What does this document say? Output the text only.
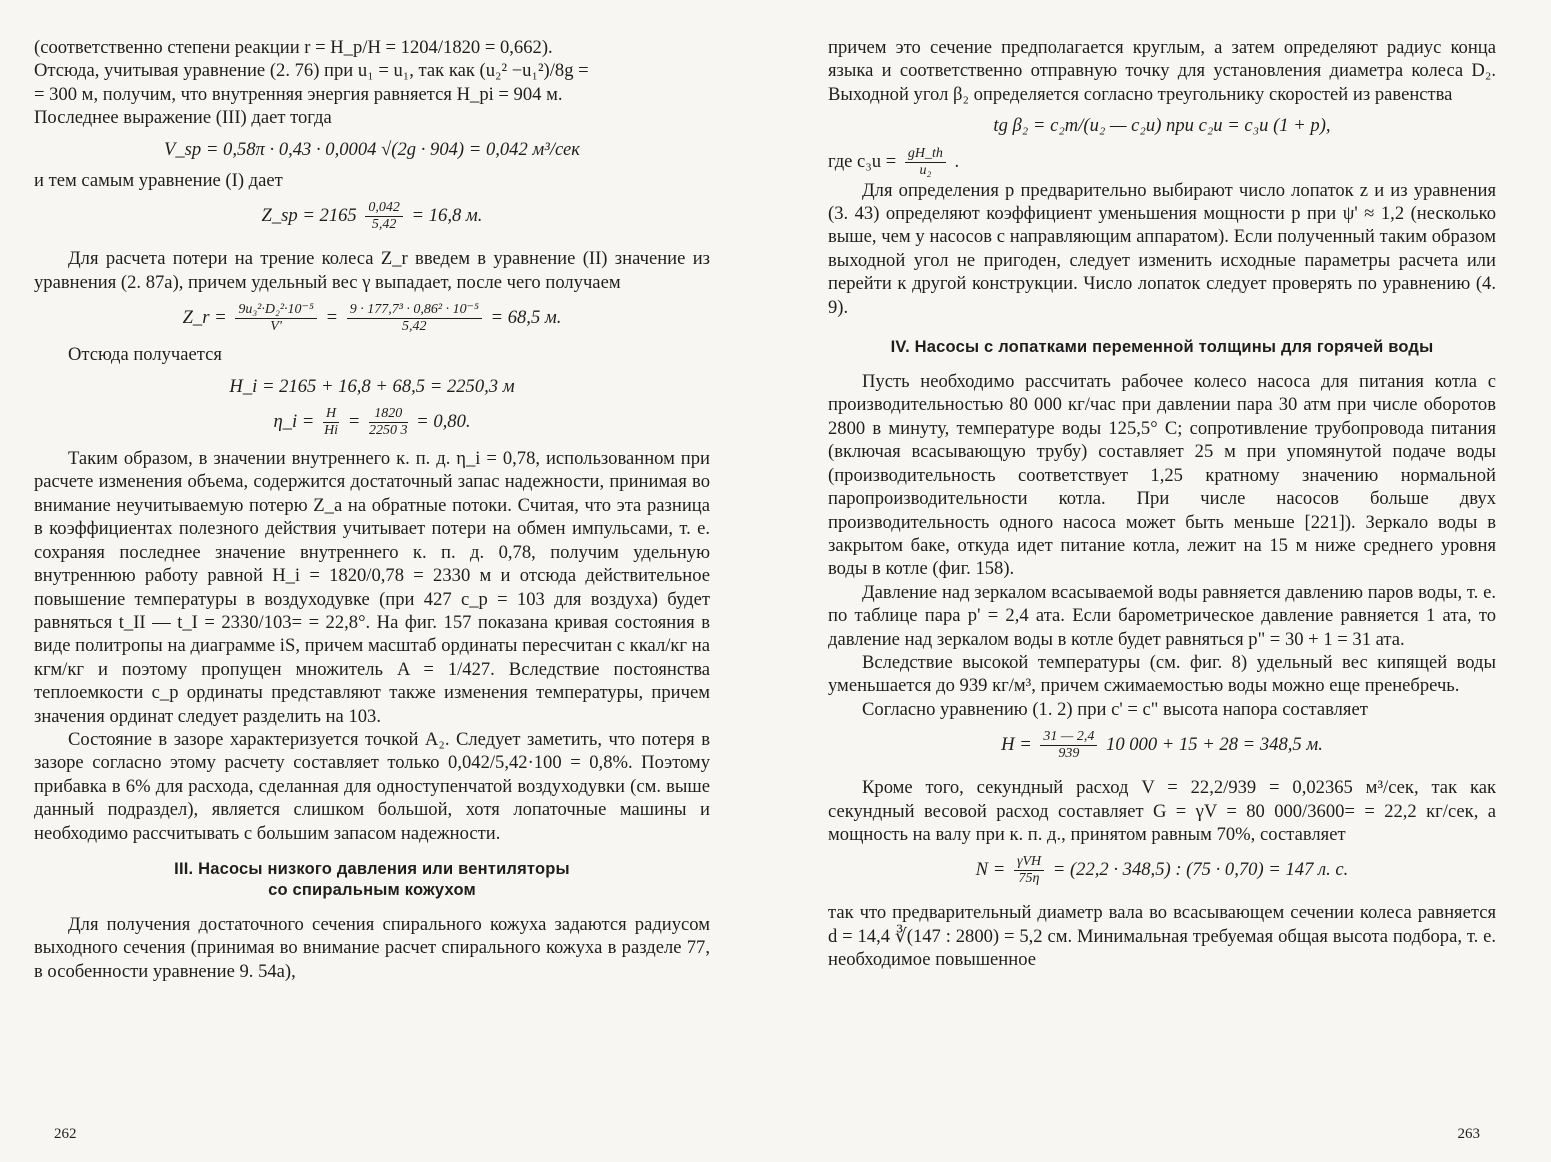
(соответственно степени реакции r = H_p/H = 1204/1820 = 0,662).

Отсюда, учитывая уравнение (2. 76) при u₁ = u₁, так как (u₂² −u₁²)/8g =

= 300 м, получим, что внутренняя энергия равняется H_pi = 904 м.

Последнее выражение (III) дает тогда

V_sp = 0,58π · 0,43 · 0,0004 √(2g · 904) = 0,042 м³/сек

и тем самым уравнение (I) дает

Z_sp = $2165 \frac{0,042}{5,42} = 16,8$ м.

Для расчета потери на трение колеса Z_r введем в уравнение (II) значение из уравнения (2. 87а), причем удельный вес γ выпадает, после чего получаем

Z_r = $\frac{\text{9u₃²·D₂²·10⁻⁵}}{V'} = \frac{\text{9 · 177,7³ · 0,86² · 10⁻⁵}}{5,42} = 68,5$ м.

Отсюда получается

H_i = 2165 + 16,8 + 68,5 = 2250,3 м

η_i = $\frac{H}{Hi} = \frac{1820}{2250 3} = 0,80$.

Таким образом, в значении внутреннего к. п. д. η_i = 0,78, использованном при расчете изменения объема, содержится достаточный запас надежности, принимая во внимание неучитываемую потерю Z_a на обратные потоки. Считая, что эта разница в коэффициентах полезного действия учитывает потери на обмен импульсами, т. е. сохраняя последнее значение внутреннего к. п. д. 0,78, получим удельную внутреннюю работу равной H_i = 1820/0,78 = 2330 м и отсюда действительное повышение температуры в воздуходувке (при 427 c_p = 103 для воздуха) будет равняться t_II — t_I = 2330/103= = 22,8°. На фиг. 157 показана кривая состояния в виде политропы на диаграмме iS, причем масштаб ординаты пересчитан с ккал/кг на кгм/кг и поэтому пропущен множитель A = 1/427. Вследствие постоянства теплоемкости c_p ординаты представляют также изменения температуры, причем значения ординат следует разделить на 103.

Состояние в зазоре характеризуется точкой A₂. Следует заметить, что потеря в зазоре согласно этому расчету составляет только 0,042/5,42·100 = 0,8%. Поэтому прибавка в 6% для расхода, сделанная для одноступенчатой воздуходувки (см. выше данный подраздел), является слишком большой, хотя лопаточные машины и необходимо рассчитывать с большим запасом надежности.

III. Насосы низкого давления или вентиляторы
со спиральным кожухом

Для получения достаточного сечения спирального кожуха задаются радиусом выходного сечения (принимая во внимание расчет спирального кожуха в разделе 77, в особенности уравнение 9. 54а),

262

причем это сечение предполагается круглым, а затем определяют радиус конца языка и соответственно отправную точку для установления диаметра колеса D₂. Выходной угол β₂ определяется согласно треугольнику скоростей из равенства

tg β₂ = c₂m/(u₂ — c₂u) при c₂u = c₃u (1 + p),

где $c_3u = \frac{gH\_th}{\text{u₂}}$ .

Для определения p предварительно выбирают число лопаток z и из уравнения (3. 43) определяют коэффициент уменьшения мощности p при ψ' ≈ 1,2 (несколько выше, чем у насосов с направляющим аппаратом). Если полученный таким образом выходной угол не пригоден, следует изменить исходные параметры расчета или перейти к другой конструкции. Число лопаток следует проверять по уравнению (4. 9).

IV. Насосы с лопатками переменной толщины для горячей воды

Пусть необходимо рассчитать рабочее колесо насоса для питания котла с производительностью 80 000 кг/час при давлении пара 30 атм при числе оборотов 2800 в минуту, температуре воды 125,5° C; сопротивление трубопровода питания (включая всасывающую трубу) составляет 25 м при упомянутой подаче воды (производительность соответствует 1,25 кратному значению нормальной паропроизводительности котла. При числе насосов больше двух производительность одного насоса может быть меньше [221]). Зеркало воды в закрытом баке, откуда идет питание котла, лежит на 15 м ниже среднего уровня воды в котле (фиг. 158).

Давление над зеркалом всасываемой воды равняется давлению паров воды, т. е. по таблице пара p' = 2,4 ата. Если барометрическое давление равняется 1 ата, то давление над зеркалом воды в котле будет равняться p" = 30 + 1 = 31 ата.

Вследствие высокой температуры (см. фиг. 8) удельный вес кипящей воды уменьшается до 939 кг/м³, причем сжимаемостью воды можно еще пренебречь.

Согласно уравнению (1. 2) при c' = c" высота напора составляет

$H = \frac{31 — 2,4}{939} 10$ 000 + 15 + 28 = 348,5 м.

Кроме того, секундный расход V = 22,2/939 = 0,02365 м³/сек, так как секундный весовой расход составляет G = γV = 80 000/3600= = 22,2 кг/сек, а мощность на валу при к. п. д., принятом равным 70%, составляет

$N = \frac{\text{γVH}}{75\eta} = (22,2 \cdot 348,5)$ : (75 · 0,70) = 147 л. с.

так что предварительный диаметр вала во всасывающем сечении колеса равняется d = 14,4 ∛(147 : 2800) = 5,2 см. Минимальная требуемая общая высота подбора, т. е. необходимое повышенное

263
